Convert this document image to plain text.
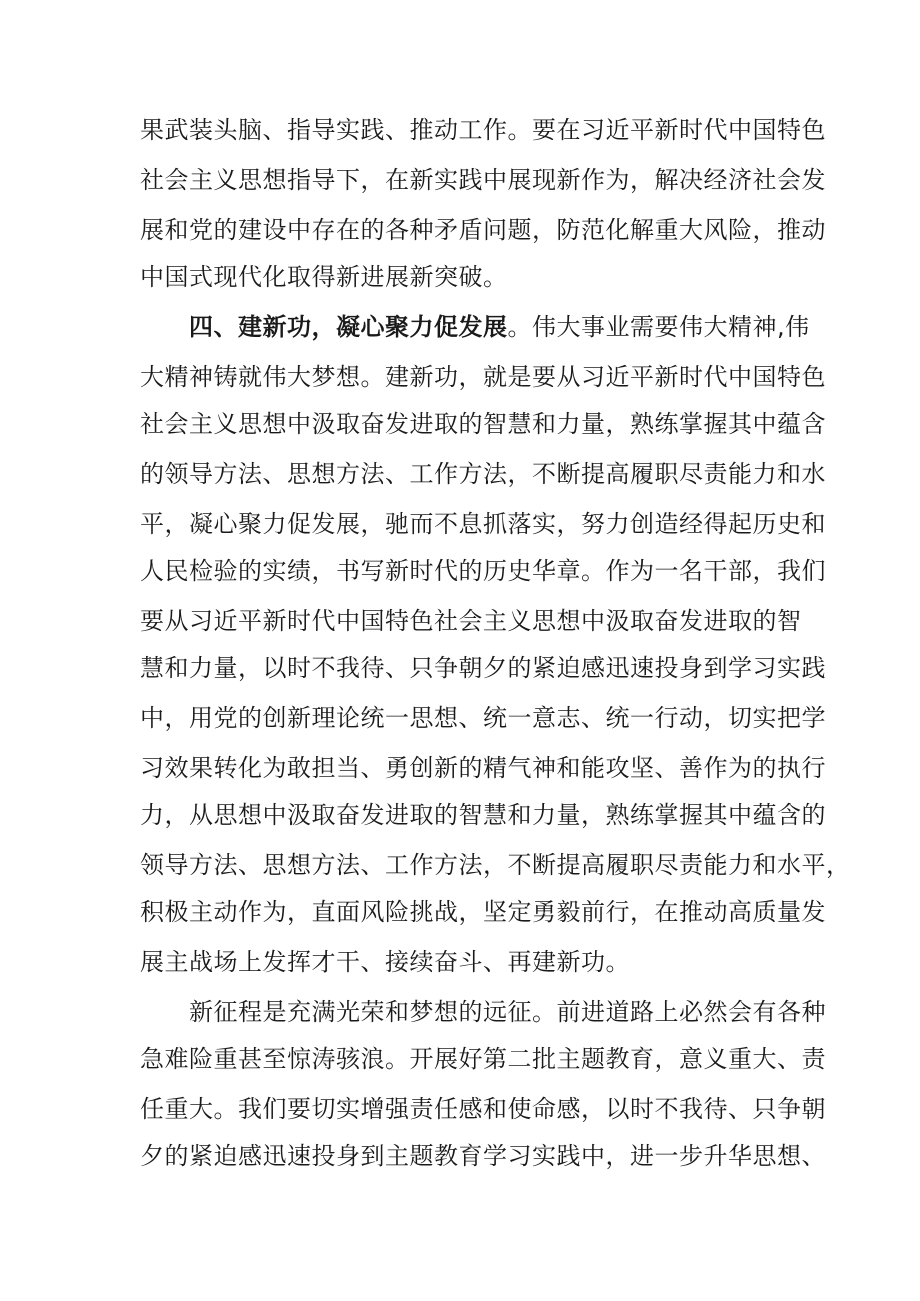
果武装头脑、指导实践、推动工作。要在习近平新时代中国特色
社会主义思想指导下，在新实践中展现新作为，解决经济社会发
展和党的建设中存在的各种矛盾问题，防范化解重大风险，推动
中国式现代化取得新进展新突破。
四、建新功，凝心聚力促发展。伟大事业需要伟大精神,伟
大精神铸就伟大梦想。建新功，就是要从习近平新时代中国特色
社会主义思想中汲取奋发进取的智慧和力量，熟练掌握其中蕴含
的领导方法、思想方法、工作方法，不断提高履职尽责能力和水
平，凝心聚力促发展，驰而不息抓落实，努力创造经得起历史和
人民检验的实绩，书写新时代的历史华章。作为一名干部，我们
要从习近平新时代中国特色社会主义思想中汲取奋发进取的智
慧和力量，以时不我待、只争朝夕的紧迫感迅速投身到学习实践
中，用党的创新理论统一思想、统一意志、统一行动，切实把学
习效果转化为敢担当、勇创新的精气神和能攻坚、善作为的执行
力，从思想中汲取奋发进取的智慧和力量，熟练掌握其中蕴含的
领导方法、思想方法、工作方法，不断提高履职尽责能力和水平，
积极主动作为，直面风险挑战，坚定勇毅前行，在推动高质量发
展主战场上发挥才干、接续奋斗、再建新功。
新征程是充满光荣和梦想的远征。前进道路上必然会有各种
急难险重甚至惊涛骇浪。开展好第二批主题教育，意义重大、责
任重大。我们要切实增强责任感和使命感，以时不我待、只争朝
夕的紧迫感迅速投身到主题教育学习实践中，进一步升华思想、
